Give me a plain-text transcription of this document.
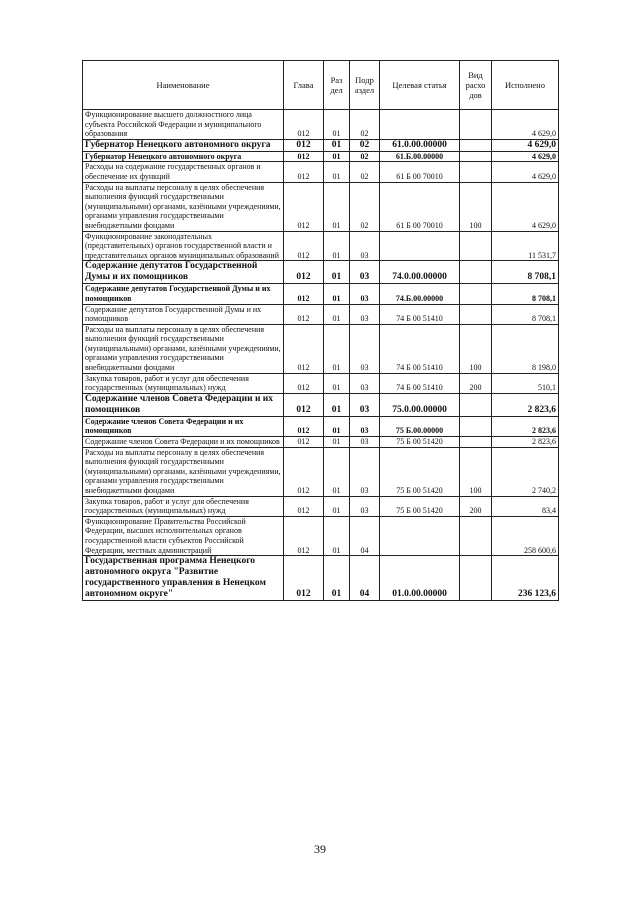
Наименование	Глава	Раз дел	Подр аздел	Целевая статья	Вид расхо дов	Исполнено
Функционирование высшего должностного лица субъекта Российской Федерации и муниципального образования	012	01	02			4 629,0
Губернатор Ненецкого автономного округа	012	01	02	61.0.00.00000		4 629,0
Губернатор Ненецкого автономного округа	012	01	02	61.Б.00.00000		4 629,0
Расходы на содержание государственных органов и обеспечение их функций	012	01	02	61 Б 00 70010		4 629,0
Расходы на выплаты персоналу в целях обеспечения выполнения функций государственными (муниципальными) органами, казёнными учреждениями, органами управления государственными внебюджетными фондами	012	01	02	61 Б 00 70010	100	4 629,0
Функционирование законодательных (представительных) органов государственной власти и представительных органов муниципальных образований	012	01	03			11 531,7
Содержание депутатов Государственной Думы и их помощников	012	01	03	74.0.00.00000		8 708,1
Содержание депутатов Государственной Думы и их помощников	012	01	03	74.Б.00.00000		8 708,1
Содержание депутатов Государственной Думы и их помощников	012	01	03	74 Б 00 51410		8 708,1
Расходы на выплаты персоналу в целях обеспечения выполнения функций государственными (муниципальными) органами, казёнными учреждениями, органами управления государственными внебюджетными фондами	012	01	03	74 Б 00 51410	100	8 198,0
Закупка товаров, работ и услуг для обеспечения государственных (муниципальных) нужд	012	01	03	74 Б 00 51410	200	510,1
Содержание членов Совета Федерации и их помощников	012	01	03	75.0.00.00000		2 823,6
Содержание членов Совета Федерации и их помощников	012	01	03	75 Б.00.00000		2 823,6
Содержание членов Совета Федерации и их помощников	012	01	03	75 Б 00 51420		2 823,6
Расходы на выплаты персоналу в целях обеспечения выполнения функций государственными (муниципальными) органами, казёнными учреждениями, органами управления государственными внебюджетными фондами	012	01	03	75 Б 00 51420	100	2 740,2
Закупка товаров, работ и услуг для обеспечения государственных (муниципальных) нужд	012	01	03	75 Б 00 51420	200	83,4
Функционирование Правительства Российской Федерации, высших исполнительных органов государственной власти субъектов Российской Федерации, местных администраций	012	01	04			258 600,6
Государственная программа Ненецкого автономного округа "Развитие государственного управления в Ненецком автономном округе"	012	01	04	01.0.00.00000		236 123,6
39
